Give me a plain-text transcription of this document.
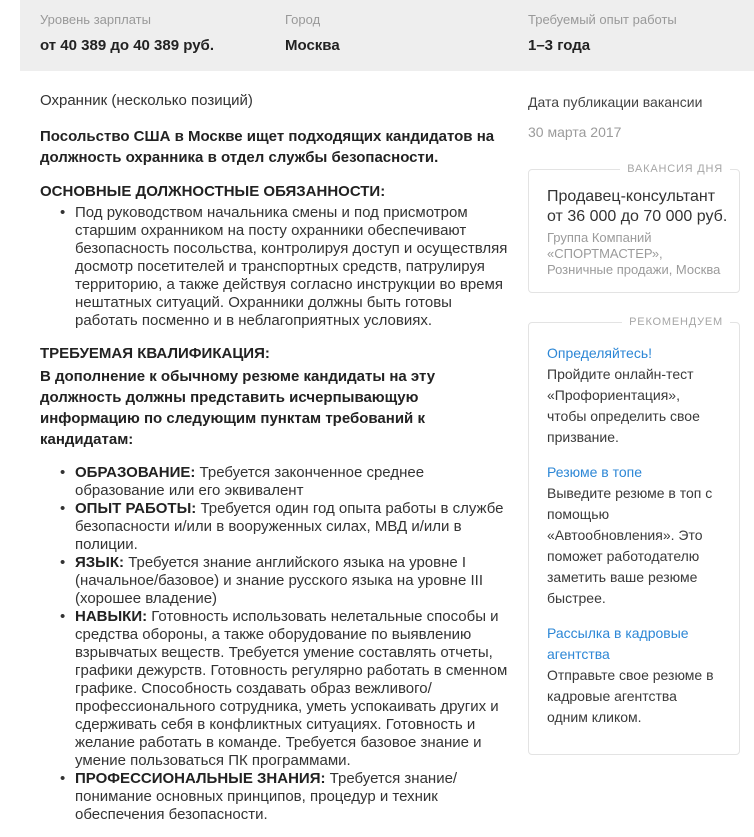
Уровень зарплаты
от 40 389 до 40 389 руб.
Город
Москва
Требуемый опыт работы
1–3 года
Охранник (несколько позиций)

Посольство США в Москве ищет подходящих кандидатов на должность охранника в отдел службы безопасности.

ОСНОВНЫЕ ДОЛЖНОСТНЫЕ ОБЯЗАННОСТИ:
• Под руководством начальника смены и под присмотром старшим охранником на посту охранники обеспечивают безопасность посольства, контролируя доступ и осуществляя досмотр посетителей и транспортных средств, патрулируя территорию, а также действуя согласно инструкции во время нештатных ситуаций. Охранники должны быть готовы работать посменно и в неблагоприятных условиях.
ТРЕБУЕМАЯ КВАЛИФИКАЦИЯ:

В дополнение к обычному резюме кандидаты на эту должность должны представить исчерпывающую информацию по следующим пунктам требований к кандидатам:

• ОБРАЗОВАНИЕ: Требуется законченное среднее образование или его эквивалент
• ОПЫТ РАБОТЫ: Требуется один год опыта работы в службе безопасности и/или в вооруженных силах, МВД и/или в полиции.
• ЯЗЫК: Требуется знание английского языка на уровне I (начальное/базовое) и знание русского языка на уровне III (хорошее владение)
• НАВЫКИ: Готовность использовать нелетальные способы и средства обороны, а также оборудование по выявлению взрывчатых веществ. Требуется умение составлять отчеты, графики дежурств. Готовность регулярно работать в сменном графике. Способность создавать образ вежливого/ профессионального сотрудника, уметь успокаивать других и сдерживать себя в конфликтных ситуациях. Готовность и желание работать в команде. Требуется базовое знание и умение пользоваться ПК программами.
• ПРОФЕССИОНАЛЬНЫЕ ЗНАНИЯ: Требуется знание/понимание основных принципов, процедур и техник обеспечения безопасности.
Дата публикации вакансии
30 марта 2017
ВАКАНСИЯ ДНЯ
Продавец-консультант
от 36 000 до 70 000 руб.
Группа Компаний «СПОРТМАСТЕР», Розничные продажи, Москва
РЕКОМЕНДУЕМ
Определяйтесь!
Пройдите онлайн-тест «Профориентация», чтобы определить свое призвание.
Резюме в топе
Выведите резюме в топ с помощью «Автообновления». Это поможет работодателю заметить ваше резюме быстрее.
Рассылка в кадровые агентства
Отправьте свое резюме в кадровые агентства одним кликом.
